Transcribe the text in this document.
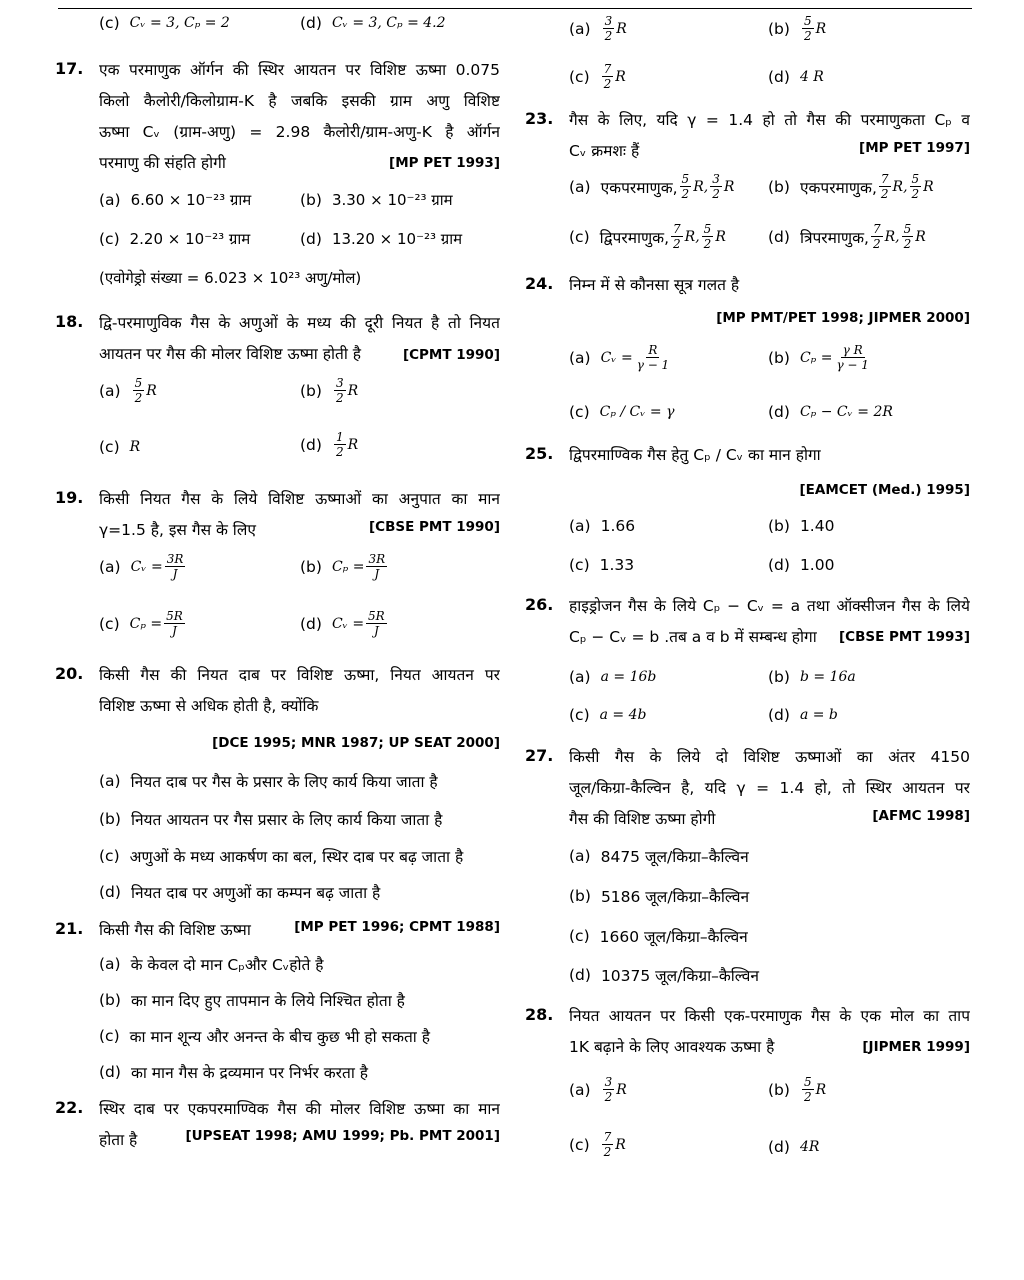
(c) Cᵥ = 3, Cₚ = 2	(d) Cᵥ = 3, Cₚ = 4.2
17. एक परमाणुक ऑर्गन की स्थिर आयतन पर विशिष्ट ऊष्मा 0.075
किलो कैलोरी/किलोग्राम-K है जबकि इसकी ग्राम अणु विशिष्ट
ऊष्मा Cᵥ (ग्राम-अणु) = 2.98 कैलोरी/ग्राम-अणु-K है ऑर्गन
परमाणु की संहति होगी	[MP PET 1993]
(a) 6.60 × 10⁻²³ ग्राम	(b) 3.30 × 10⁻²³ ग्राम
(c) 2.20 × 10⁻²³ ग्राम	(d) 13.20 × 10⁻²³ ग्राम
(एवोगेड्रो संख्या = 6.023 × 10²³ अणु/मोल)
18. द्वि-परमाणुविक गैस के अणुओं के मध्य की दूरी नियत है तो नियत
आयतन पर गैस की मोलर विशिष्ट ऊष्मा होती है	[CPMT 1990]
$(a) \frac{5}{2}$ R	$(b) \frac{3}{2}$ R
(c) R	$(d) \frac{1}{2}$ R
19. किसी नियत गैस के लिये विशिष्ट ऊष्माओं का अनुपात का मान
γ=1.5 है, इस गैस के लिए	[CBSE PMT 1990]
(a) Cᵥ = $\frac{3R}{J}$	(b) $C_p = \frac{3R}{J}$
(c) $C_p = \frac{5R}{J}$	(d) Cᵥ = $\frac{5R}{J}$
20. किसी गैस की नियत दाब पर विशिष्ट ऊष्मा, नियत आयतन पर
विशिष्ट ऊष्मा से अधिक होती है, क्योंकि
[DCE 1995; MNR 1987; UP SEAT 2000]
(a) नियत दाब पर गैस के प्रसार के लिए कार्य किया जाता है
(b) नियत आयतन पर गैस प्रसार के लिए कार्य किया जाता है
(c) अणुओं के मध्य आकर्षण का बल, स्थिर दाब पर बढ़ जाता है
(d) नियत दाब पर अणुओं का कम्पन बढ़ जाता है
21. किसी गैस की विशिष्ट ऊष्मा	[MP PET 1996; CPMT 1988]
(a) के केवल दो मान Cₚऔर Cᵥहोते है
(b) का मान दिए हुए तापमान के लिये निश्चित होता है
(c) का मान शून्य और अनन्त के बीच कुछ भी हो सकता है
(d) का मान गैस के द्रव्यमान पर निर्भर करता है
22. स्थिर दाब पर एकपरमाण्विक गैस की मोलर विशिष्ट ऊष्मा का मान
होता है	[UPSEAT 1998; AMU 1999; Pb. PMT 2001]
$(a) \frac{3}{2}$ R	$(b) \frac{5}{2}$ R
$(c) \frac{7}{2}$ R	(d) 4 R
23. गैस के लिए, यदि γ = 1.4 हो तो गैस की परमाणुकता Cₚ व
Cᵥ क्रमशः हैं	[MP PET 1997]
(a) एकपरमाणुक, $\frac{5}{2} R$, $\frac{3}{2}$ R (b) एकपरमाणुक, $\frac{7}{2} R$, $\frac{5}{2}$ R
(c) द्विपरमाणुक, $\frac{7}{2} R$, $\frac{5}{2}$ R	(d) त्रिपरमाणुक, $\frac{7}{2} R$, $\frac{5}{2}$ R
24. निम्न में से कौनसा सूत्र गलत है
[MP PMT/PET 1998; JIPMER 2000]
(a) Cᵥ = $\frac{R}{\gamma - 1}$	(b) $C_p = \frac{\text{γ R}}{\gamma - 1}$
(c) Cₚ / Cᵥ = γ	(d) Cₚ − Cᵥ = 2R
25. द्विपरमाण्विक गैस हेतु Cₚ / Cᵥ का मान होगा
[EAMCET (Med.) 1995]
(a) 1.66	(b) 1.40
(c) 1.33	(d) 1.00
26. हाइड्रोजन गैस के लिये Cₚ − Cᵥ = a तथा ऑक्सीजन गैस के लिये
Cₚ − Cᵥ = b .तब a व b में सम्बन्ध होगा	[CBSE PMT 1993]
(a) a = 16b	(b) b = 16a
(c) a = 4b	(d) a = b
27. किसी गैस के लिये दो विशिष्ट ऊष्माओं का अंतर 4150
जूल/किग्रा-कैल्विन है, यदि γ = 1.4 हो, तो स्थिर आयतन पर
गैस की विशिष्ट ऊष्मा होगी	[AFMC 1998]
(a) 8475 जूल/किग्रा–कैल्विन
(b) 5186 जूल/किग्रा–कैल्विन
(c) 1660 जूल/किग्रा–कैल्विन
(d) 10375 जूल/किग्रा–कैल्विन
28. नियत आयतन पर किसी एक-परमाणुक गैस के एक मोल का ताप
1K बढ़ाने के लिए आवश्यक ऊष्मा है	[JIPMER 1999]
$(a) \frac{3}{2}$ R	$(b) \frac{5}{2}$ R
$(c) \frac{7}{2}$ R	(d) 4R
